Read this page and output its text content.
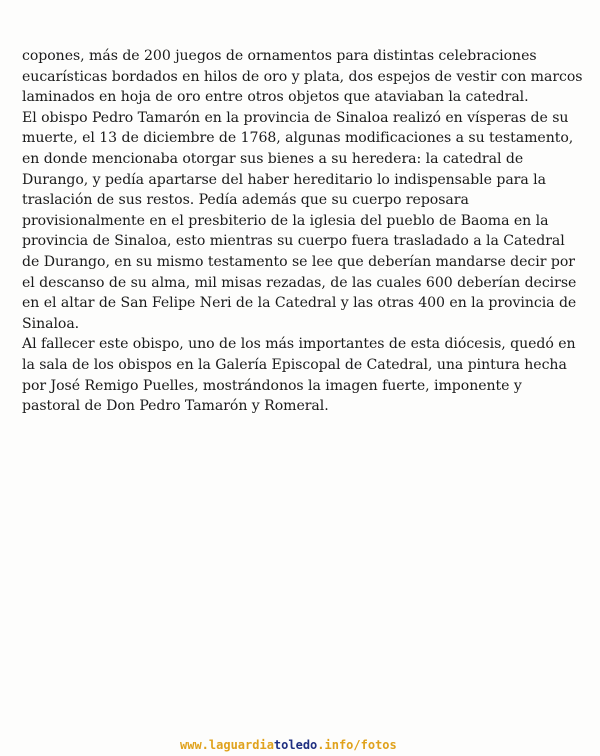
copones, más de 200 juegos de ornamentos para distintas celebraciones
eucarísticas bordados en hilos de oro y plata, dos espejos de vestir con marcos
laminados en hoja de oro entre otros objetos que ataviaban la catedral.
El obispo Pedro Tamarón en la provincia de Sinaloa realizó en vísperas de su
muerte, el 13 de diciembre de 1768, algunas modificaciones a su testamento,
en donde mencionaba otorgar sus bienes a su heredera: la catedral de
Durango, y pedía apartarse del haber hereditario lo indispensable para la
traslación de sus restos. Pedía además que su cuerpo reposara
provisionalmente en el presbiterio de la iglesia del pueblo de Baoma en la
provincia de Sinaloa, esto mientras su cuerpo fuera trasladado a la Catedral
de Durango, en su mismo testamento se lee que deberían mandarse decir por
el descanso de su alma, mil misas rezadas, de las cuales 600 deberían decirse
en el altar de San Felipe Neri de la Catedral y las otras 400 en la provincia de
Sinaloa.
Al fallecer este obispo, uno de los más importantes de esta diócesis, quedó en
la sala de los obispos en la Galería Episcopal de Catedral, una pintura hecha
por José Remigo Puelles, mostrándonos la imagen fuerte, imponente y
pastoral de Don Pedro Tamarón y Romeral.
www.laguardiatoledo.info/fotos
